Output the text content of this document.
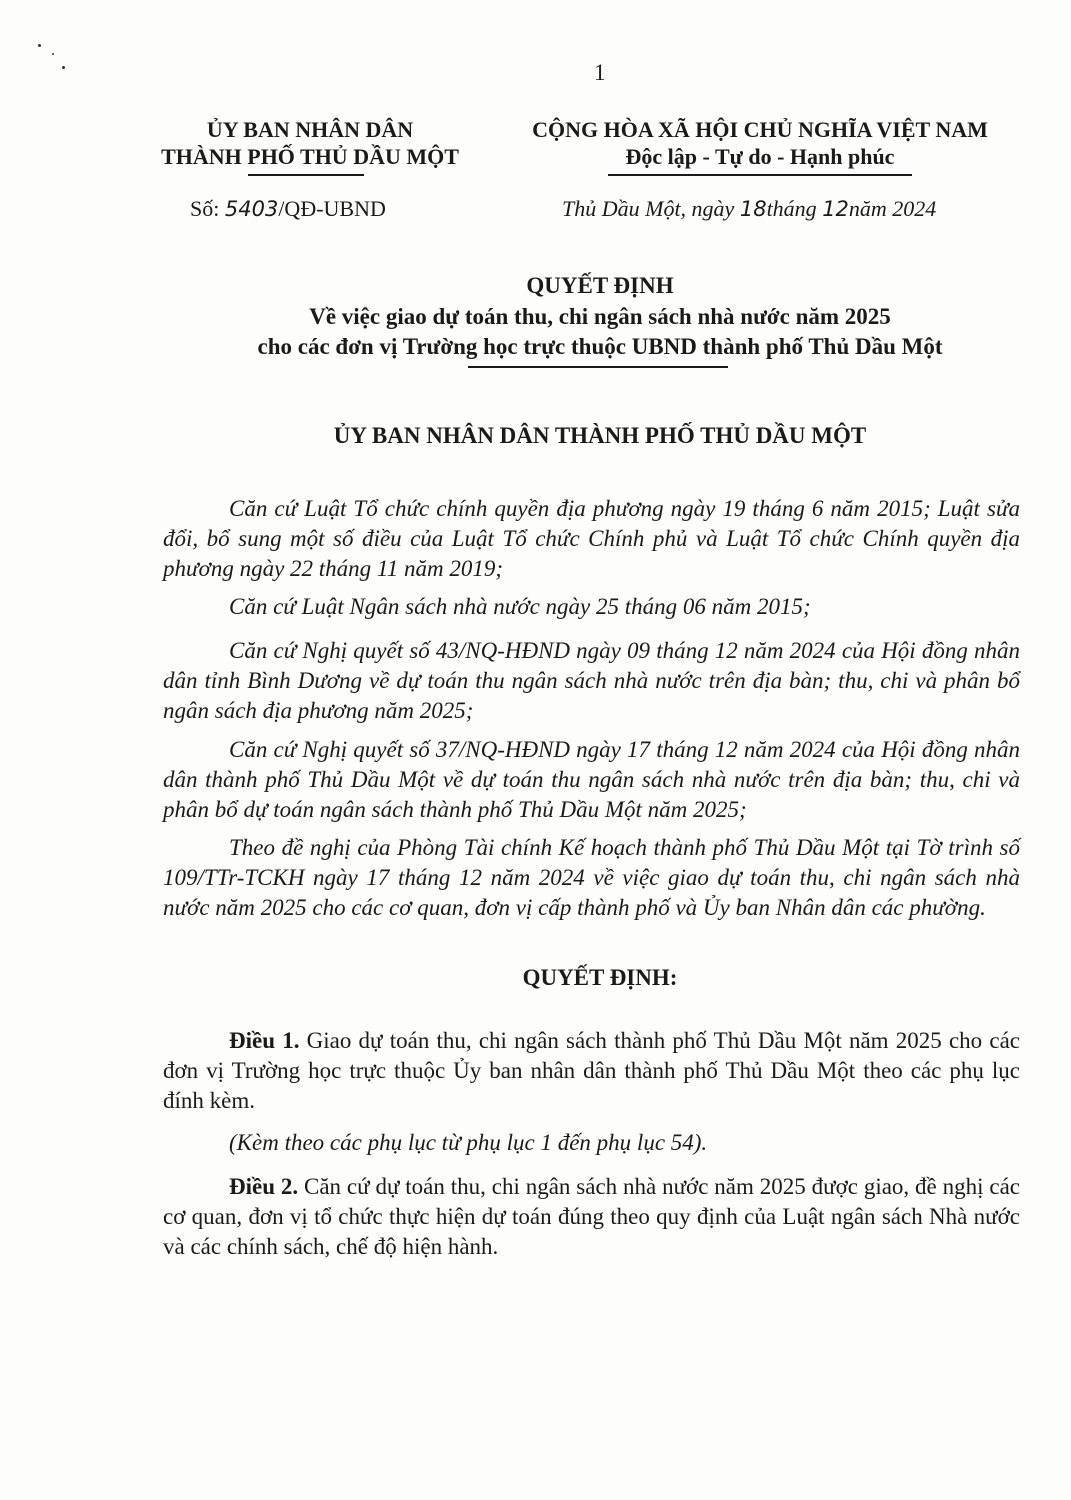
1
ỦY BAN NHÂN DÂN
THÀNH PHỐ THỦ DẦU MỘT
CỘNG HÒA XÃ HỘI CHỦ NGHĨA VIỆT NAM
Độc lập - Tự do - Hạnh phúc
Số: 5403/QĐ-UBND	Thủ Dầu Một, ngày 18tháng 12năm 2024
QUYẾT ĐỊNH
Về việc giao dự toán thu, chi ngân sách nhà nước năm 2025
cho các đơn vị Trường học trực thuộc UBND thành phố Thủ Dầu Một
ỦY BAN NHÂN DÂN THÀNH PHỐ THỦ DẦU MỘT
Căn cứ Luật Tổ chức chính quyền địa phương ngày 19 tháng 6 năm 2015; Luật sửa đổi, bổ sung một số điều của Luật Tổ chức Chính phủ và Luật Tổ chức Chính quyền địa phương ngày 22 tháng 11 năm 2019;
Căn cứ Luật Ngân sách nhà nước ngày 25 tháng 06 năm 2015;
Căn cứ Nghị quyết số 43/NQ-HĐND ngày 09 tháng 12 năm 2024 của Hội đồng nhân dân tỉnh Bình Dương về dự toán thu ngân sách nhà nước trên địa bàn; thu, chi và phân bổ ngân sách địa phương năm 2025;
Căn cứ Nghị quyết số 37/NQ-HĐND ngày 17 tháng 12 năm 2024 của Hội đồng nhân dân thành phố Thủ Dầu Một về dự toán thu ngân sách nhà nước trên địa bàn; thu, chi và phân bổ dự toán ngân sách thành phố Thủ Dầu Một năm 2025;
Theo đề nghị của Phòng Tài chính Kế hoạch thành phố Thủ Dầu Một tại Tờ trình số 109/TTr-TCKH ngày 17 tháng 12 năm 2024 về việc giao dự toán thu, chi ngân sách nhà nước năm 2025 cho các cơ quan, đơn vị cấp thành phố và Ủy ban Nhân dân các phường.
QUYẾT ĐỊNH:
Điều 1. Giao dự toán thu, chi ngân sách thành phố Thủ Dầu Một năm 2025 cho các đơn vị Trường học trực thuộc Ủy ban nhân dân thành phố Thủ Dầu Một theo các phụ lục đính kèm.
(Kèm theo các phụ lục từ phụ lục 1 đến phụ lục 54).
Điều 2. Căn cứ dự toán thu, chi ngân sách nhà nước năm 2025 được giao, đề nghị các cơ quan, đơn vị tổ chức thực hiện dự toán đúng theo quy định của Luật ngân sách Nhà nước và các chính sách, chế độ hiện hành.
